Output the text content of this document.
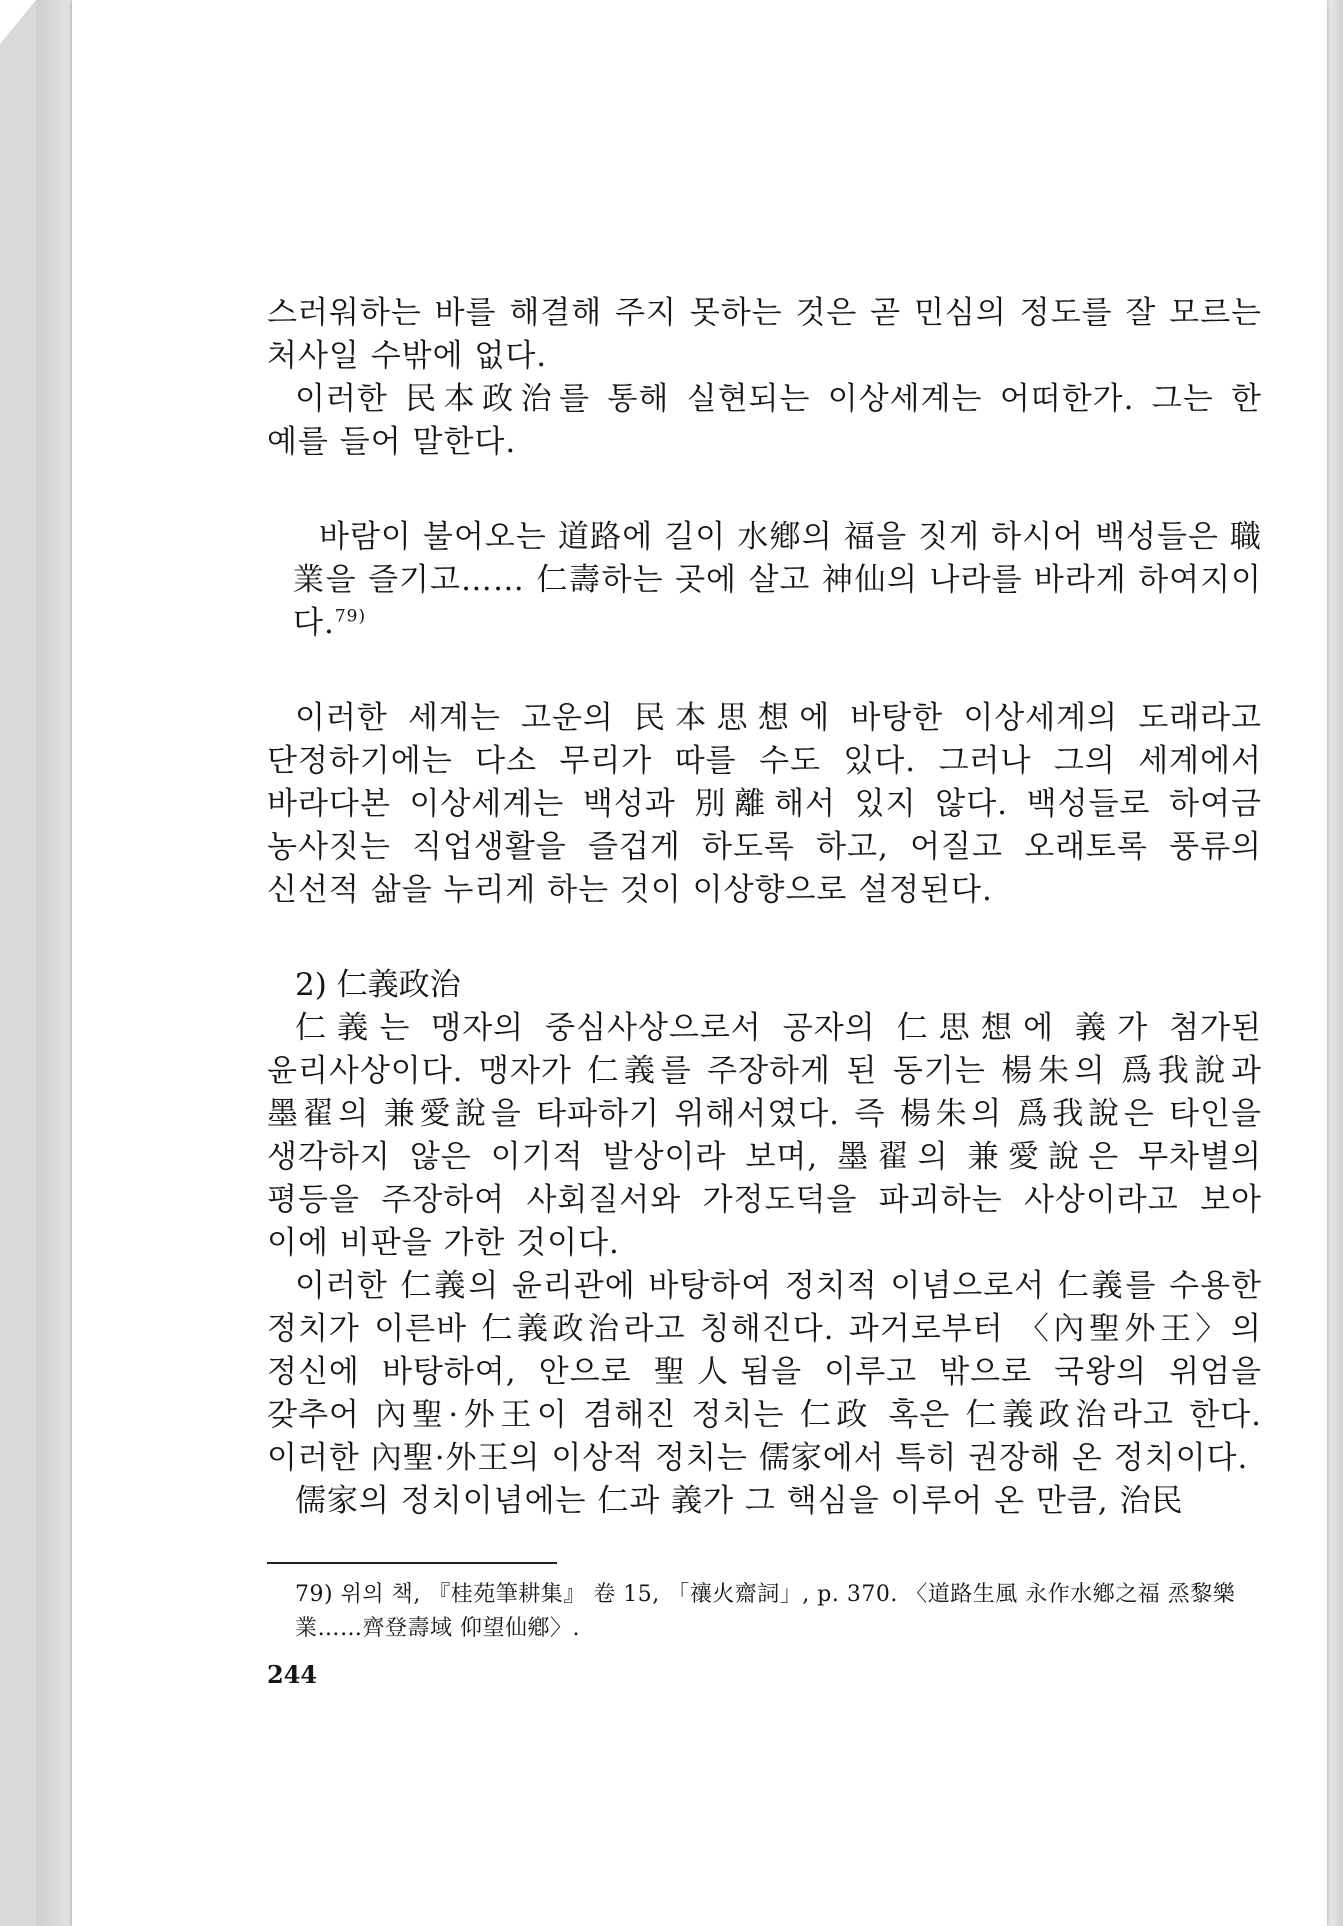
스러워하는 바를 해결해 주지 못하는 것은 곧 민심의 정도를 잘 모르는 처사일 수밖에 없다.

이러한 民本政治를 통해 실현되는 이상세계는 어떠한가. 그는 한 예를 들어 말한다.

바람이 불어오는 道路에 길이 水鄕의 福을 짓게 하시어 백성들은 職業을 즐기고…… 仁壽하는 곳에 살고 神仙의 나라를 바라게 하여지이다.$^{79)}$

이러한 세계는 고운의 民本思想에 바탕한 이상세계의 도래라고 단정하기에는 다소 무리가 따를 수도 있다. 그러나 그의 세계에서 바라다본 이상세계는 백성과 別離해서 있지 않다. 백성들로 하여금 농사짓는 직업생활을 즐겁게 하도록 하고, 어질고 오래토록 풍류의 신선적 삶을 누리게 하는 것이 이상향으로 설정된다.

2) 仁義政治

仁義는 맹자의 중심사상으로서 공자의 仁思想에 義가 첨가된 윤리사상이다. 맹자가 仁義를 주장하게 된 동기는 楊朱의 爲我說과 墨翟의 兼愛說을 타파하기 위해서였다. 즉 楊朱의 爲我說은 타인을 생각하지 않은 이기적 발상이라 보며, 墨翟의 兼愛說은 무차별의 평등을 주장하여 사회질서와 가정도덕을 파괴하는 사상이라고 보아 이에 비판을 가한 것이다.

이러한 仁義의 윤리관에 바탕하여 정치적 이념으로서 仁義를 수용한 정치가 이른바 仁義政治라고 칭해진다. 과거로부터 〈內聖外王〉의 정신에 바탕하여, 안으로 聖人됨을 이루고 밖으로 국왕의 위엄을 갖추어 內聖·外王이 겸해진 정치는 仁政 혹은 仁義政治라고 한다. 이러한 內聖·外王의 이상적 정치는 儒家에서 특히 권장해 온 정치이다.

儒家의 정치이념에는 仁과 義가 그 핵심을 이루어 온 만큼, 治民

79) 위의 책, 『桂苑筆耕集』 卷 15, 「禳火齋詞」, p. 370. 〈道路生風 永作水鄕之福 烝黎樂業……齊登壽域 仰望仙鄕〉.

244
